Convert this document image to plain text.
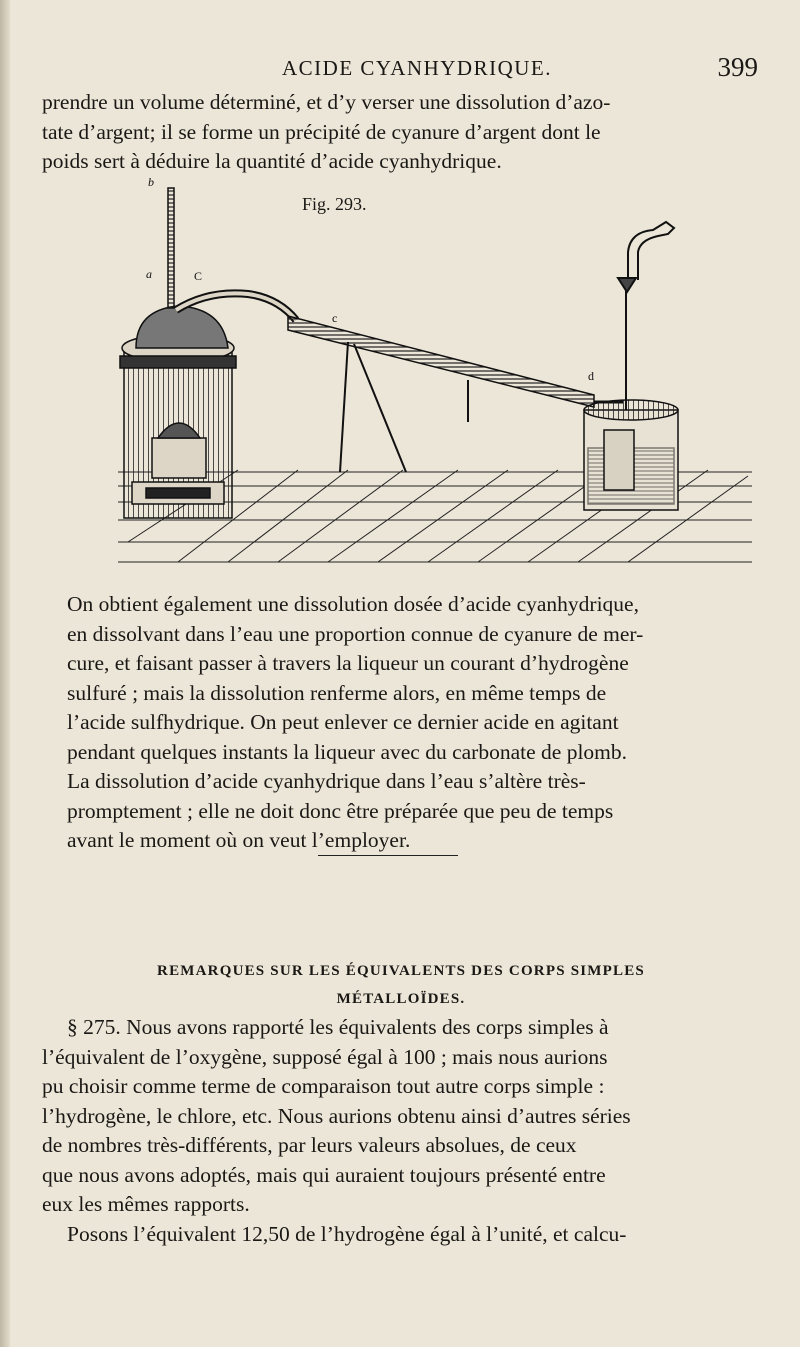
ACIDE CYANHYDRIQUE.	399

prendre un volume déterminé, et d’y verser une dissolution d’azo-
tate d’argent; il se forme un précipité de cyanure d’argent dont le
poids sert à déduire la quantité d’acide cyanhydrique.

b
a	C
c
d
Fig. 293.

On obtient également une dissolution dosée d’acide cyanhydrique,
en dissolvant dans l’eau une proportion connue de cyanure de mer-
cure, et faisant passer à travers la liqueur un courant d’hydrogène
sulfuré ; mais la dissolution renferme alors, en même temps de
l’acide sulfhydrique. On peut enlever ce dernier acide en agitant
pendant quelques instants la liqueur avec du carbonate de plomb.
La dissolution d’acide cyanhydrique dans l’eau s’altère très-
promptement ; elle ne doit donc être préparée que peu de temps
avant le moment où on veut l’employer.

REMARQUES SUR LES ÉQUIVALENTS DES CORPS SIMPLES
MÉTALLOÏDES.

§ 275. Nous avons rapporté les équivalents des corps simples à
l’équivalent de l’oxygène, supposé égal à 100 ; mais nous aurions
pu choisir comme terme de comparaison tout autre corps simple :
l’hydrogène, le chlore, etc. Nous aurions obtenu ainsi d’autres séries
de nombres très-différents, par leurs valeurs absolues, de ceux
que nous avons adoptés, mais qui auraient toujours présenté entre
eux les mêmes rapports.
Posons l’équivalent 12,50 de l’hydrogène égal à l’unité, et calcu-
